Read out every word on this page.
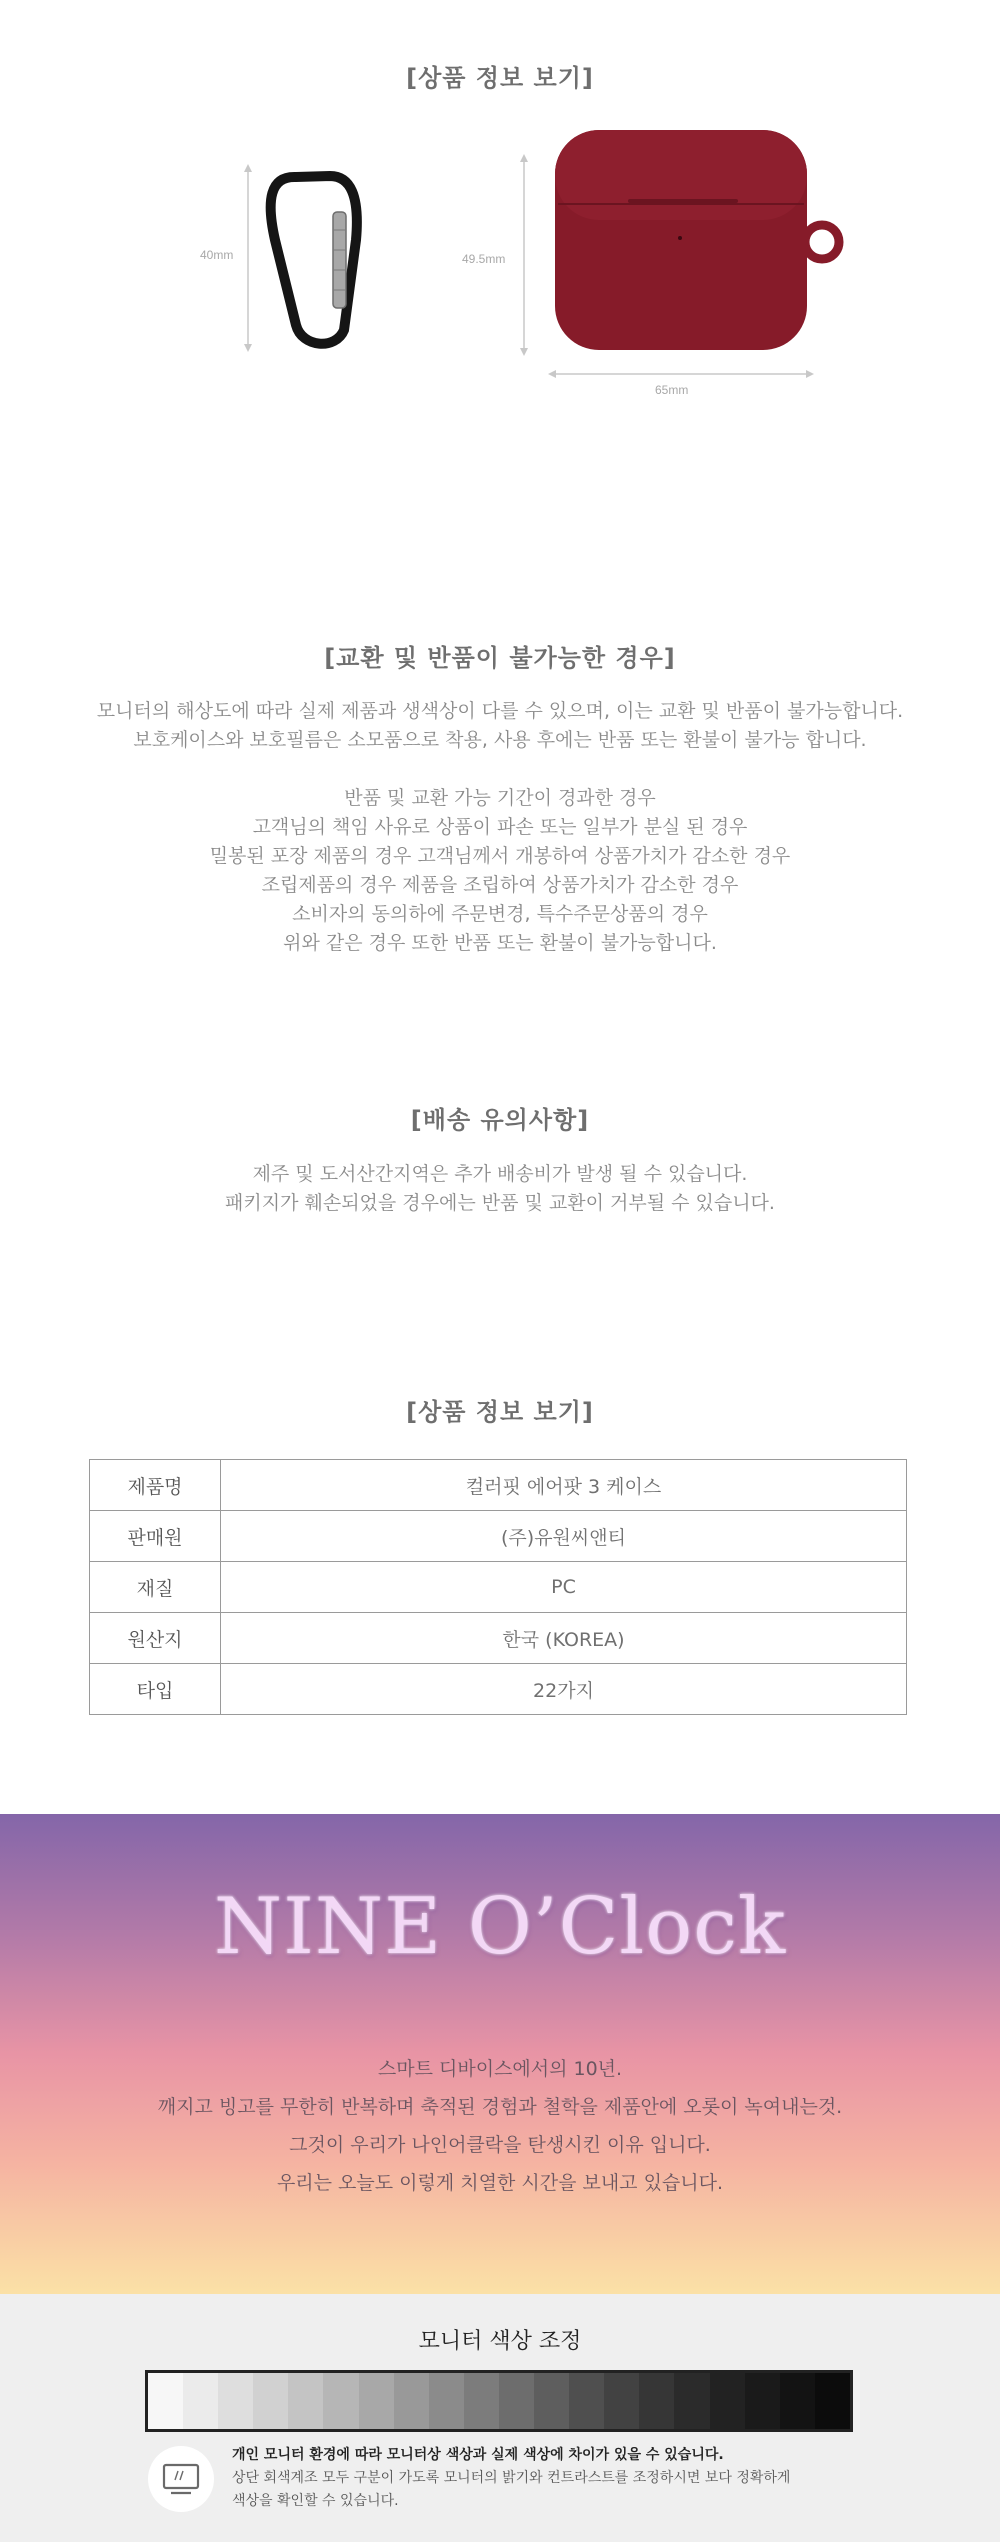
[상품 정보 보기]
40mm	49.5mm
65mm
[교환 및 반품이 불가능한 경우]
모니터의 해상도에 따라 실제 제품과 생색상이 다를 수 있으며, 이는 교환 및 반품이 불가능합니다.
보호케이스와 보호필름은 소모품으로 착용, 사용 후에는 반품 또는 환불이 불가능 합니다.
반품 및 교환 가능 기간이 경과한 경우
고객님의 책임 사유로 상품이 파손 또는 일부가 분실 된 경우
밀봉된 포장 제품의 경우 고객님께서 개봉하여 상품가치가 감소한 경우
조립제품의 경우 제품을 조립하여 상품가치가 감소한 경우
소비자의 동의하에 주문변경, 특수주문상품의 경우
위와 같은 경우 또한 반품 또는 환불이 불가능합니다.
[배송 유의사항]
제주 및 도서산간지역은 추가 배송비가 발생 될 수 있습니다.
패키지가 훼손되었을 경우에는 반품 및 교환이 거부될 수 있습니다.
[상품 정보 보기]
제품명	컬러핏 에어팟 3 케이스
판매원	(주)유원씨앤티
재질	PC
원산지	한국 (KOREA)
타입	22가지
NINE O’Clock
스마트 디바이스에서의 10년.
깨지고 빙고를 무한히 반복하며 축적된 경험과 철학을 제품안에 오롯이 녹여내는것.
그것이 우리가 나인어클락을 탄생시킨 이유 입니다.
우리는 오늘도 이렇게 치열한 시간을 보내고 있습니다.
모니터 색상 조정
개인 모니터 환경에 따라 모니터상 색상과 실제 색상에 차이가 있을 수 있습니다.
상단 회색계조 모두 구분이 가도록 모니터의 밝기와 컨트라스트를 조정하시면 보다 정확하게
색상을 확인할 수 있습니다.
